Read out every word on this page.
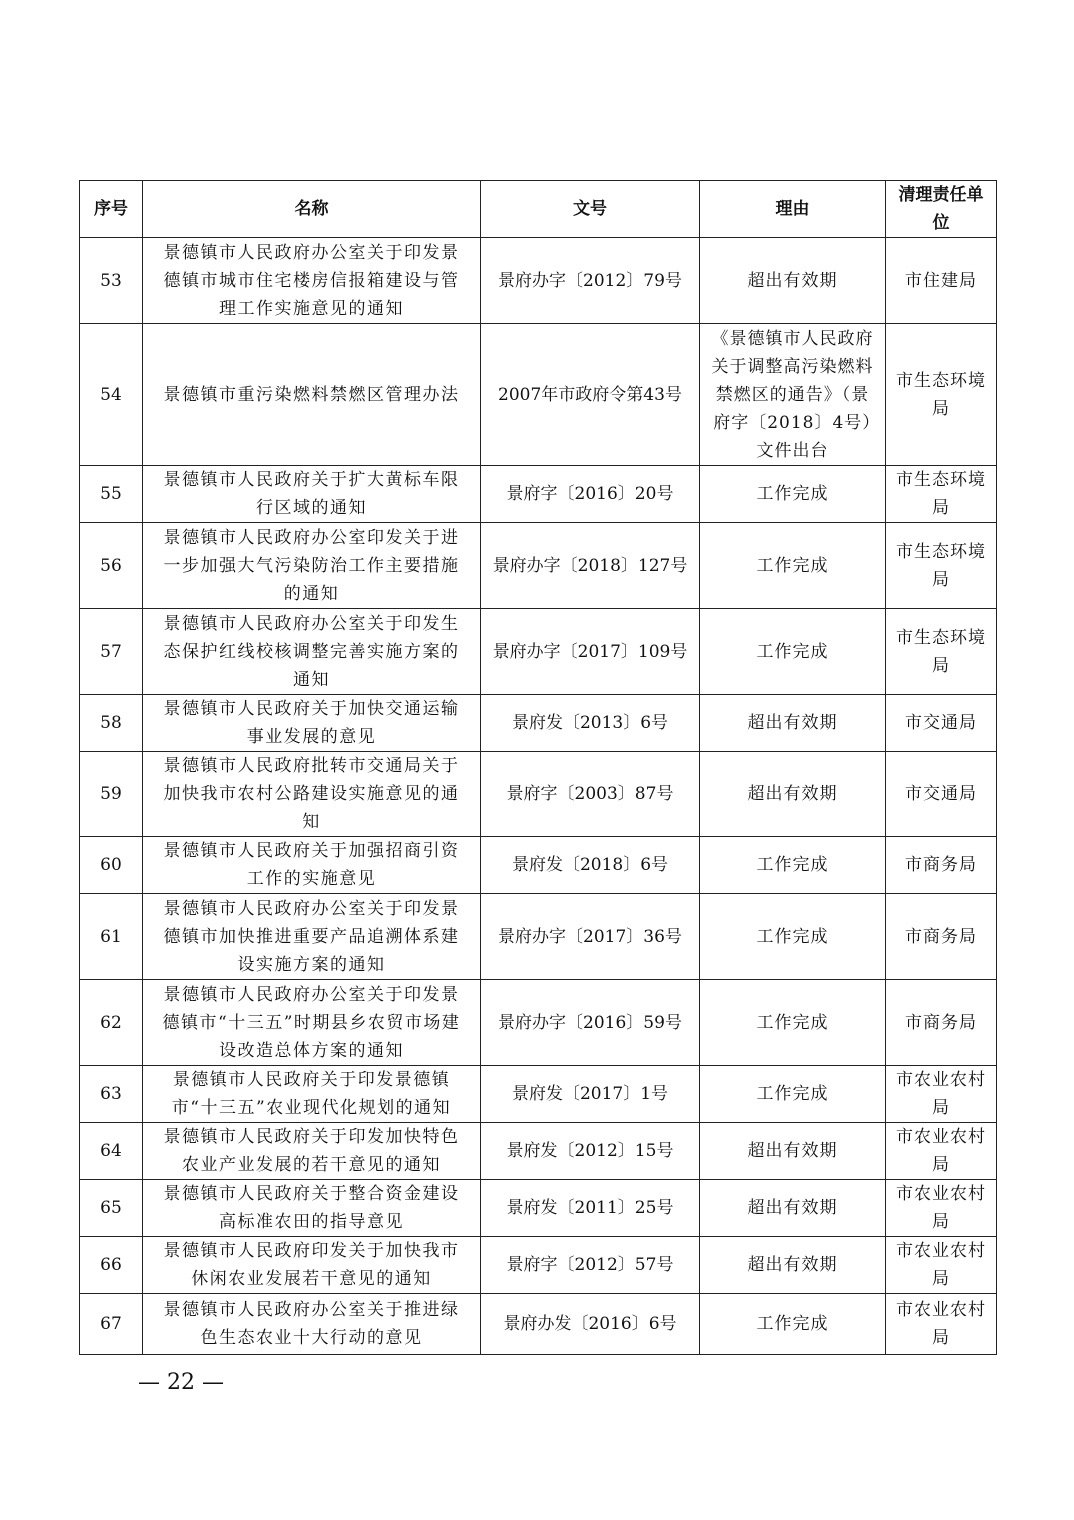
序号	名称	文号	理由	清理责任单位
53	景德镇市人民政府办公室关于印发景德镇市城市住宅楼房信报箱建设与管理工作实施意见的通知	景府办字〔2012〕79号	超出有效期	市住建局
54	景德镇市重污染燃料禁燃区管理办法	2007年市政府令第43号	《景德镇市人民政府关于调整高污染燃料禁燃区的通告》（景府字〔2018〕4号）文件出台	市生态环境局
55	景德镇市人民政府关于扩大黄标车限行区域的通知	景府字〔2016〕20号	工作完成	市生态环境局
56	景德镇市人民政府办公室印发关于进一步加强大气污染防治工作主要措施的通知	景府办字〔2018〕127号	工作完成	市生态环境局
57	景德镇市人民政府办公室关于印发生态保护红线校核调整完善实施方案的通知	景府办字〔2017〕109号	工作完成	市生态环境局
58	景德镇市人民政府关于加快交通运输事业发展的意见	景府发〔2013〕6号	超出有效期	市交通局
59	景德镇市人民政府批转市交通局关于加快我市农村公路建设实施意见的通知	景府字〔2003〕87号	超出有效期	市交通局
60	景德镇市人民政府关于加强招商引资工作的实施意见	景府发〔2018〕6号	工作完成	市商务局
61	景德镇市人民政府办公室关于印发景德镇市加快推进重要产品追溯体系建设实施方案的通知	景府办字〔2017〕36号	工作完成	市商务局
62	景德镇市人民政府办公室关于印发景德镇市“十三五”时期县乡农贸市场建设改造总体方案的通知	景府办字〔2016〕59号	工作完成	市商务局
63	景德镇市人民政府关于印发景德镇市“十三五”农业现代化规划的通知	景府发〔2017〕1号	工作完成	市农业农村局
64	景德镇市人民政府关于印发加快特色农业产业发展的若干意见的通知	景府发〔2012〕15号	超出有效期	市农业农村局
65	景德镇市人民政府关于整合资金建设高标准农田的指导意见	景府发〔2011〕25号	超出有效期	市农业农村局
66	景德镇市人民政府印发关于加快我市休闲农业发展若干意见的通知	景府字〔2012〕57号	超出有效期	市农业农村局
67	景德镇市人民政府办公室关于推进绿色生态农业十大行动的意见	景府办发〔2016〕6号	工作完成	市农业农村局
— 22 —
